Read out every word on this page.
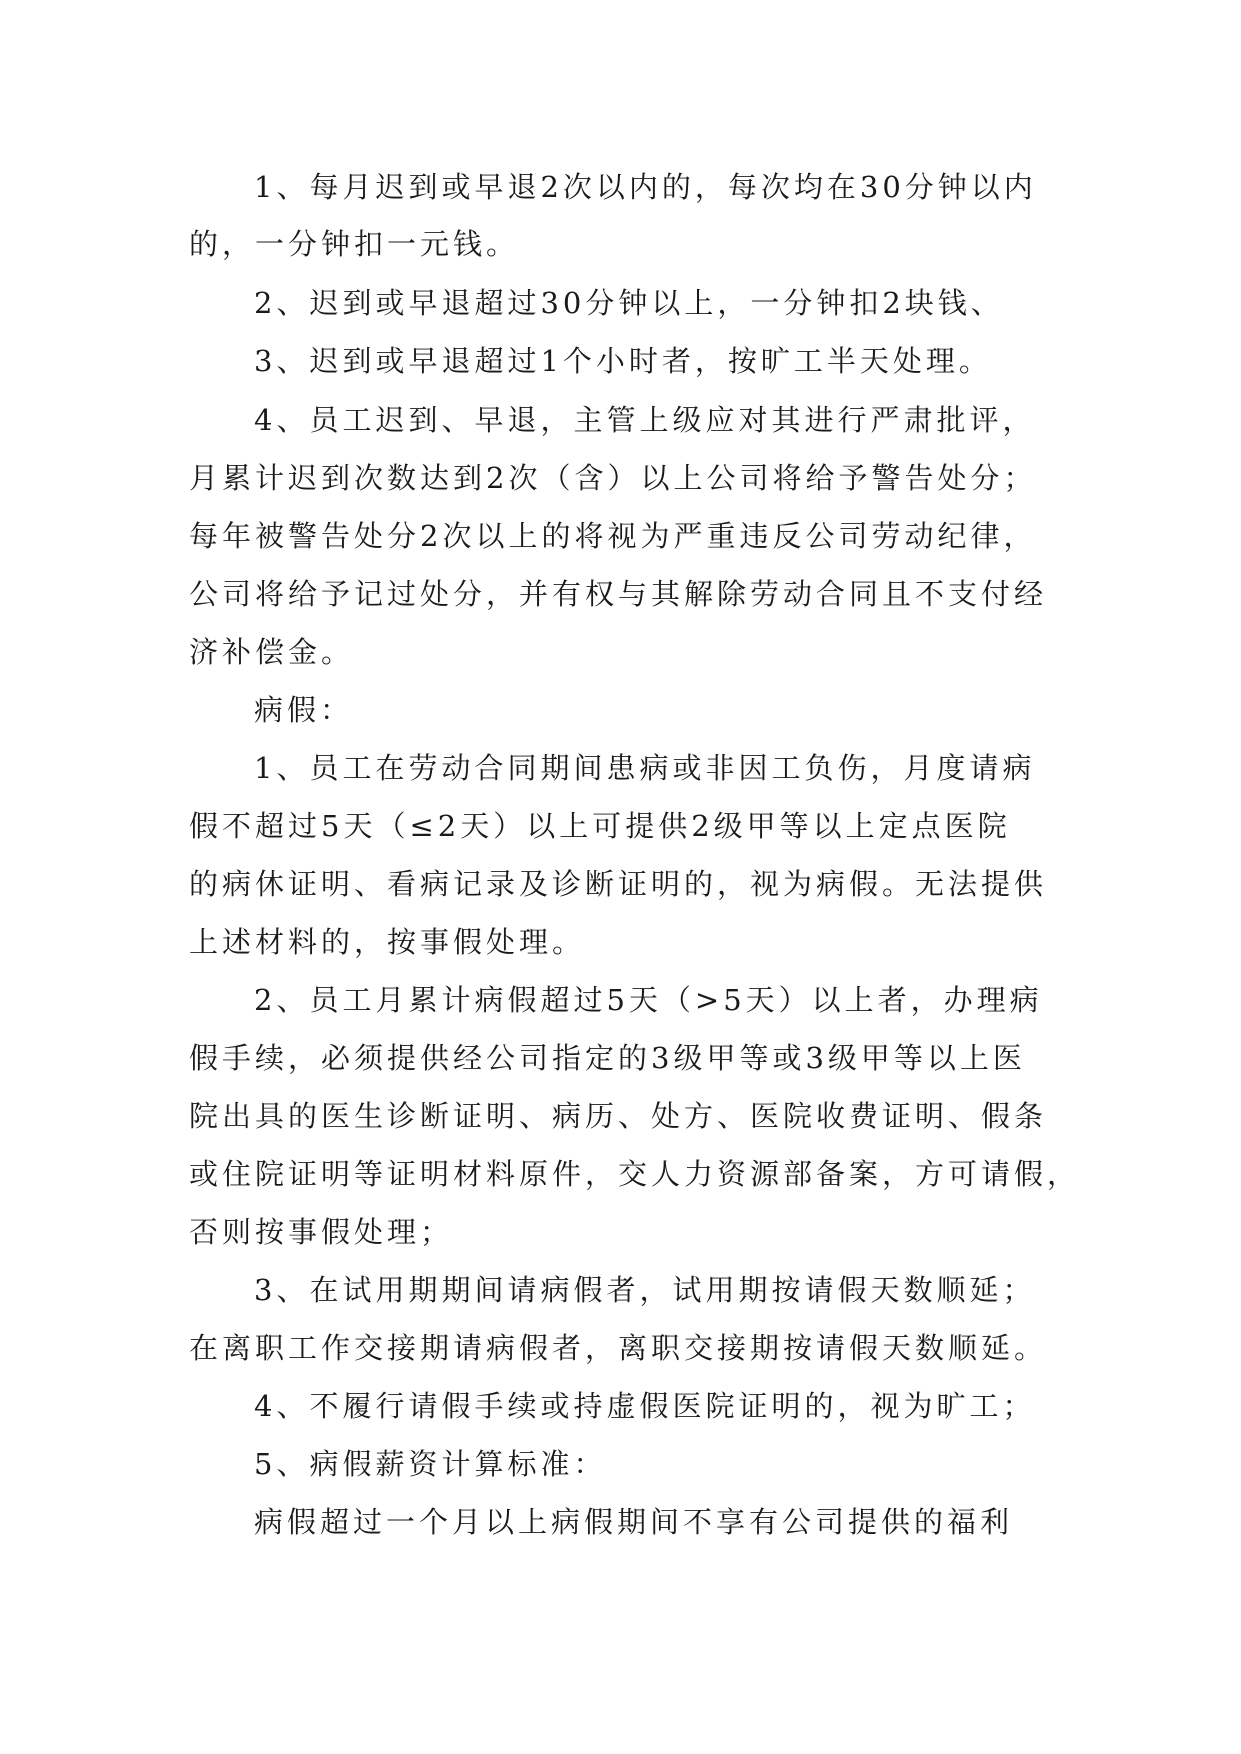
1、每月迟到或早退2次以内的，每次均在30分钟以内

的，一分钟扣一元钱。

2、迟到或早退超过30分钟以上，一分钟扣2块钱、

3、迟到或早退超过1个小时者，按旷工半天处理。

4、员工迟到、早退，主管上级应对其进行严肃批评，

月累计迟到次数达到2次（含）以上公司将给予警告处分；

每年被警告处分2次以上的将视为严重违反公司劳动纪律，

公司将给予记过处分，并有权与其解除劳动合同且不支付经

济补偿金。

病假：

1、员工在劳动合同期间患病或非因工负伤，月度请病

假不超过5天（≤2天）以上可提供2级甲等以上定点医院

的病休证明、看病记录及诊断证明的，视为病假。无法提供

上述材料的，按事假处理。

2、员工月累计病假超过5天（>5天）以上者，办理病

假手续，必须提供经公司指定的3级甲等或3级甲等以上医

院出具的医生诊断证明、病历、处方、医院收费证明、假条

或住院证明等证明材料原件，交人力资源部备案，方可请假，

否则按事假处理；

3、在试用期期间请病假者，试用期按请假天数顺延；

在离职工作交接期请病假者，离职交接期按请假天数顺延。

4、不履行请假手续或持虚假医院证明的，视为旷工；

5、病假薪资计算标准：

病假超过一个月以上病假期间不享有公司提供的福利
